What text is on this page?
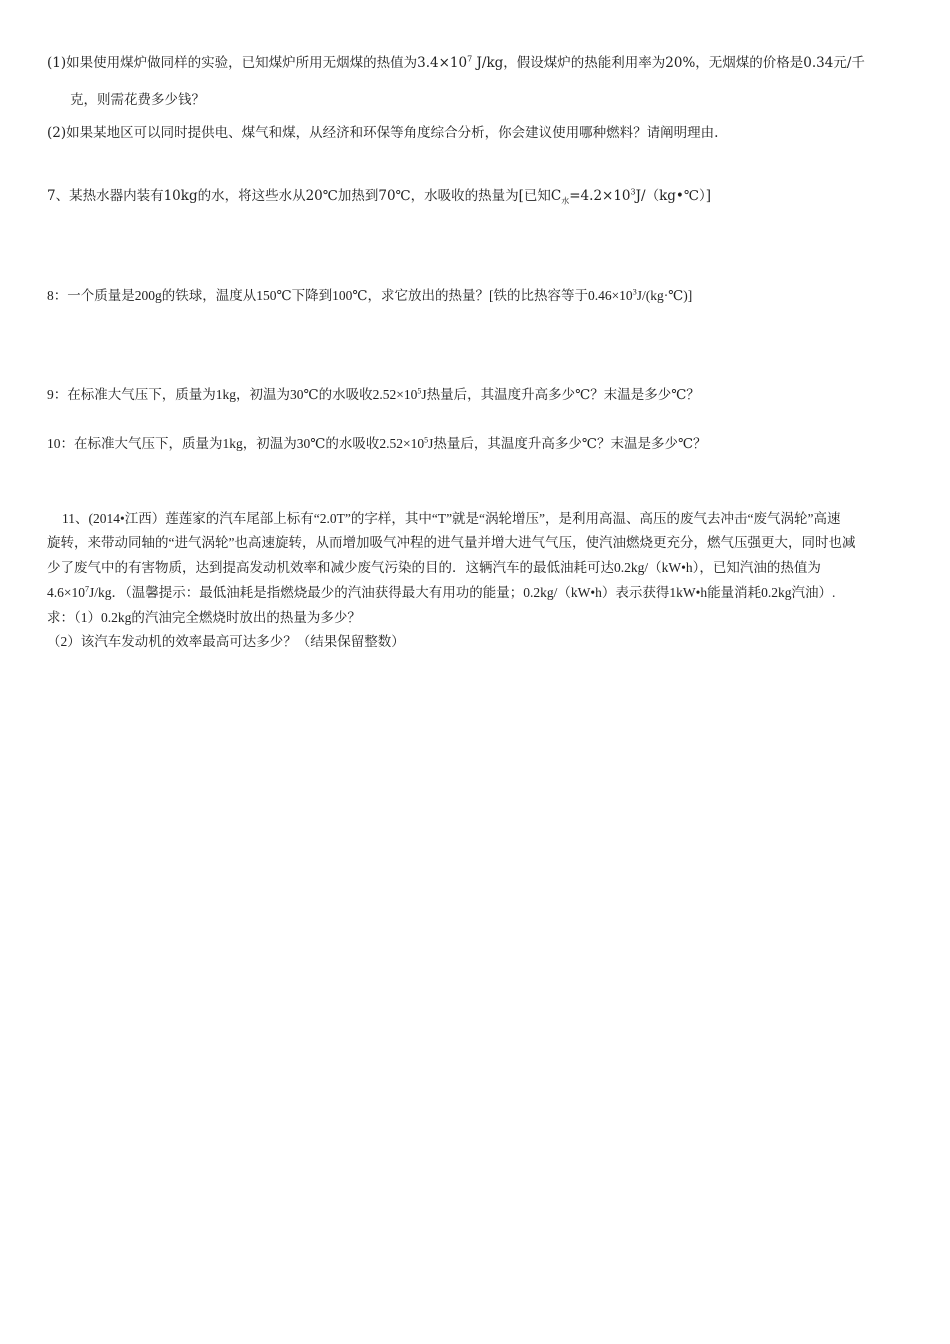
(1)如果使用煤炉做同样的实验，已知煤炉所用无烟煤的热值为$3.4\times 10^7$ J/kg，假设煤炉的热能利用率为20%，无烟煤的价格是0.34元/千
克，则需花费多少钱？
(2)如果某地区可以同时提供电、煤气和煤，从经济和环保等角度综合分析，你会建议使用哪种燃料？请阐明理由.
7、某热水器内装有10kg的水，将这些水从20℃加热到70℃，水吸收的热量为[已知$C_水=4.2\times 10^3J/(kg•℃)$]
8：一个质量是200g的铁球，温度从150℃下降到100℃，求它放出的热量？[铁的比热容等于$0.46\times 10^3J/(kg\cdot℃)$]
9：在标准大气压下，质量为1kg，初温为30℃的水吸收$2.52\times 10^5J$热量后，其温度升高多少℃？末温是多少℃？
10：在标准大气压下，质量为1kg，初温为30℃的水吸收$2.52\times 10^5J$热量后，其温度升高多少℃？末温是多少℃？
11、(2014•江西）莲莲家的汽车尾部上标有“2.0T”的字样，其中“T”就是“涡轮增压”，是利用高温、高压的废气去冲击“废气涡轮”高速
旋转，来带动同轴的“进气涡轮”也高速旋转，从而增加吸气冲程的进气量并增大进气气压，使汽油燃烧更充分，燃气压强更大，同时也减
少了废气中的有害物质，达到提高发动机效率和减少废气污染的目的．这辆汽车的最低油耗可达0.2kg/（kW•h），已知汽油的热值为
$4.6\times 10^7J/kg$．（温馨提示：最低油耗是指燃烧最少的汽油获得最大有用功的能量；0.2kg/（kW•h）表示获得1kW•h能量消耗0.2kg汽油）.
求：（1）0.2kg的汽油完全燃烧时放出的热量为多少？
（2）该汽车发动机的效率最高可达多少？（结果保留整数）
